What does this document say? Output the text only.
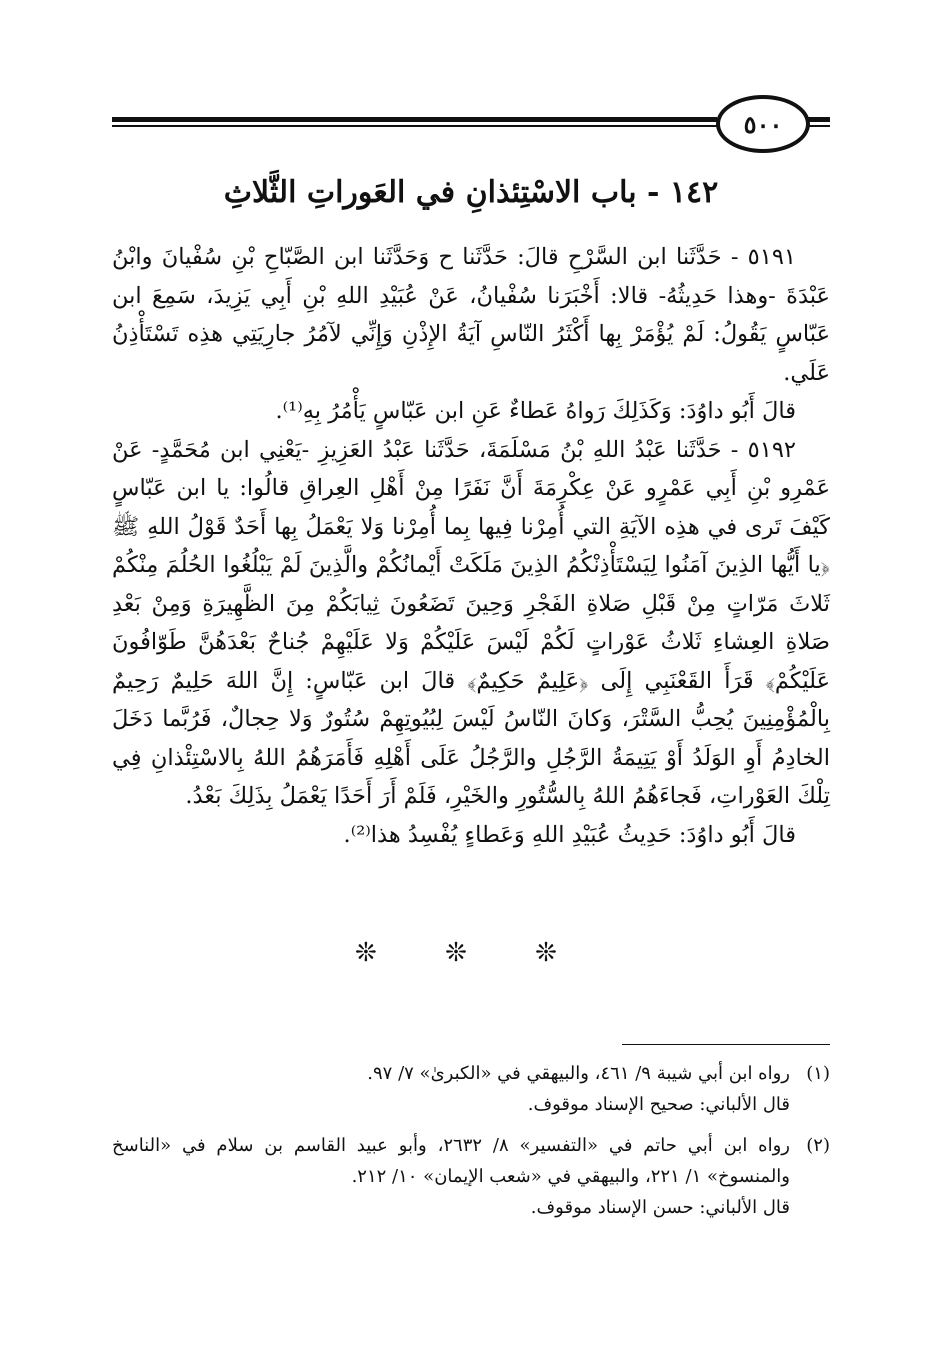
٥٠٠
١٤٢ - باب الاسْتِئذانِ في العَوراتِ الثَّلاثِ

٥١٩١ - حَدَّثَنا ابن السَّرْحِ قالَ: حَدَّثَنا ح وَحَدَّثَنا ابن الصَّبّاحِ بْنِ سُفْيانَ وابْنُ عَبْدَةَ -وهذا حَدِيثُهُ- قالا: أَخْبَرَنا سُفْيانُ، عَنْ عُبَيْدِ اللهِ بْنِ أَبِي يَزِيدَ، سَمِعَ ابن عَبّاسٍ يَقُولُ: لَمْ يُؤْمَرْ بِها أَكْثَرُ النّاسِ آيَةُ الإِذْنِ وَإِنِّي لآمُرُ جارِيَتِي هذِه تَسْتَأْذِنُ عَلَي.

قالَ أَبُو داوُدَ: وَكَذَلِكَ رَواهُ عَطاءٌ عَنِ ابن عَبّاسٍ يَأْمُرُ بِهِ⁽¹⁾.

٥١٩٢ - حَدَّثَنا عَبْدُ اللهِ بْنُ مَسْلَمَةَ، حَدَّثَنا عَبْدُ العَزِيزِ -يَعْنِي ابن مُحَمَّدٍ- عَنْ عَمْرِو بْنِ أَبِي عَمْرٍو عَنْ عِكْرِمَةَ أَنَّ نَفَرًا مِنْ أَهْلِ العِراقِ قالُوا: يا ابن عَبّاسٍ كَيْفَ تَرى في هذِه الآيَةِ التي أُمِرْنا فِيها بِما أُمِرْنا وَلا يَعْمَلُ بِها أَحَدٌ قَوْلُ اللهِ ﷺ ﴿يا أَيُّها الذِينَ آمَنُوا لِيَسْتَأْذِنْكُمُ الذِينَ مَلَكَتْ أَيْمانُكُمْ والَّذِينَ لَمْ يَبْلُغُوا الحُلُمَ مِنْكُمْ ثَلاثَ مَرّاتٍ مِنْ قَبْلِ صَلاةِ الفَجْرِ وَحِينَ تَضَعُونَ ثِيابَكُمْ مِنَ الظَّهِيرَةِ وَمِنْ بَعْدِ صَلاةِ العِشاءِ ثَلاثُ عَوْراتٍ لَكُمْ لَيْسَ عَلَيْكُمْ وَلا عَلَيْهِمْ جُناحٌ بَعْدَهُنَّ طَوّافُونَ عَلَيْكُمْ﴾ قَرَأَ القَعْنَبِي إِلَى ﴿عَلِيمٌ حَكِيمٌ﴾ قالَ ابن عَبّاسٍ: إِنَّ اللهَ حَلِيمٌ رَحِيمٌ بِالْمُؤْمِنِينَ يُحِبُّ السَّتْرَ، وَكانَ النّاسُ لَيْسَ لِبُيُوتِهِمْ سُتُورٌ وَلا حِجالٌ، فَرُبَّما دَخَلَ الخادِمُ أَوِ الوَلَدُ أَوْ يَتِيمَةُ الرَّجُلِ والرَّجُلُ عَلَى أَهْلِهِ فَأَمَرَهُمُ اللهُ بِالاسْتِئْذانِ فِي تِلْكَ العَوْراتِ، فَجاءَهُمُ اللهُ بِالسُّتُورِ والخَيْرِ، فَلَمْ أَرَ أَحَدًا يَعْمَلُ بِذَلِكَ بَعْدُ.

قالَ أَبُو داوُدَ: حَدِيثُ عُبَيْدِ اللهِ وَعَطاءٍ يُفْسِدُ هذا⁽²⁾.

❊ ❊ ❊
(١)
رواه ابن أبي شيبة ٩/ ٤٦١، والبيهقي في «الكبرىٰ» ٧/ ٩٧.
قال الألباني: صحيح الإسناد موقوف.
(٢)
رواه ابن أبي حاتم في «التفسير» ٨/ ٢٦٣٢، وأبو عبيد القاسم بن سلام في «الناسخ والمنسوخ» ١/ ٢٢١، والبيهقي في «شعب الإيمان» ١٠/ ٢١٢.
قال الألباني: حسن الإسناد موقوف.
